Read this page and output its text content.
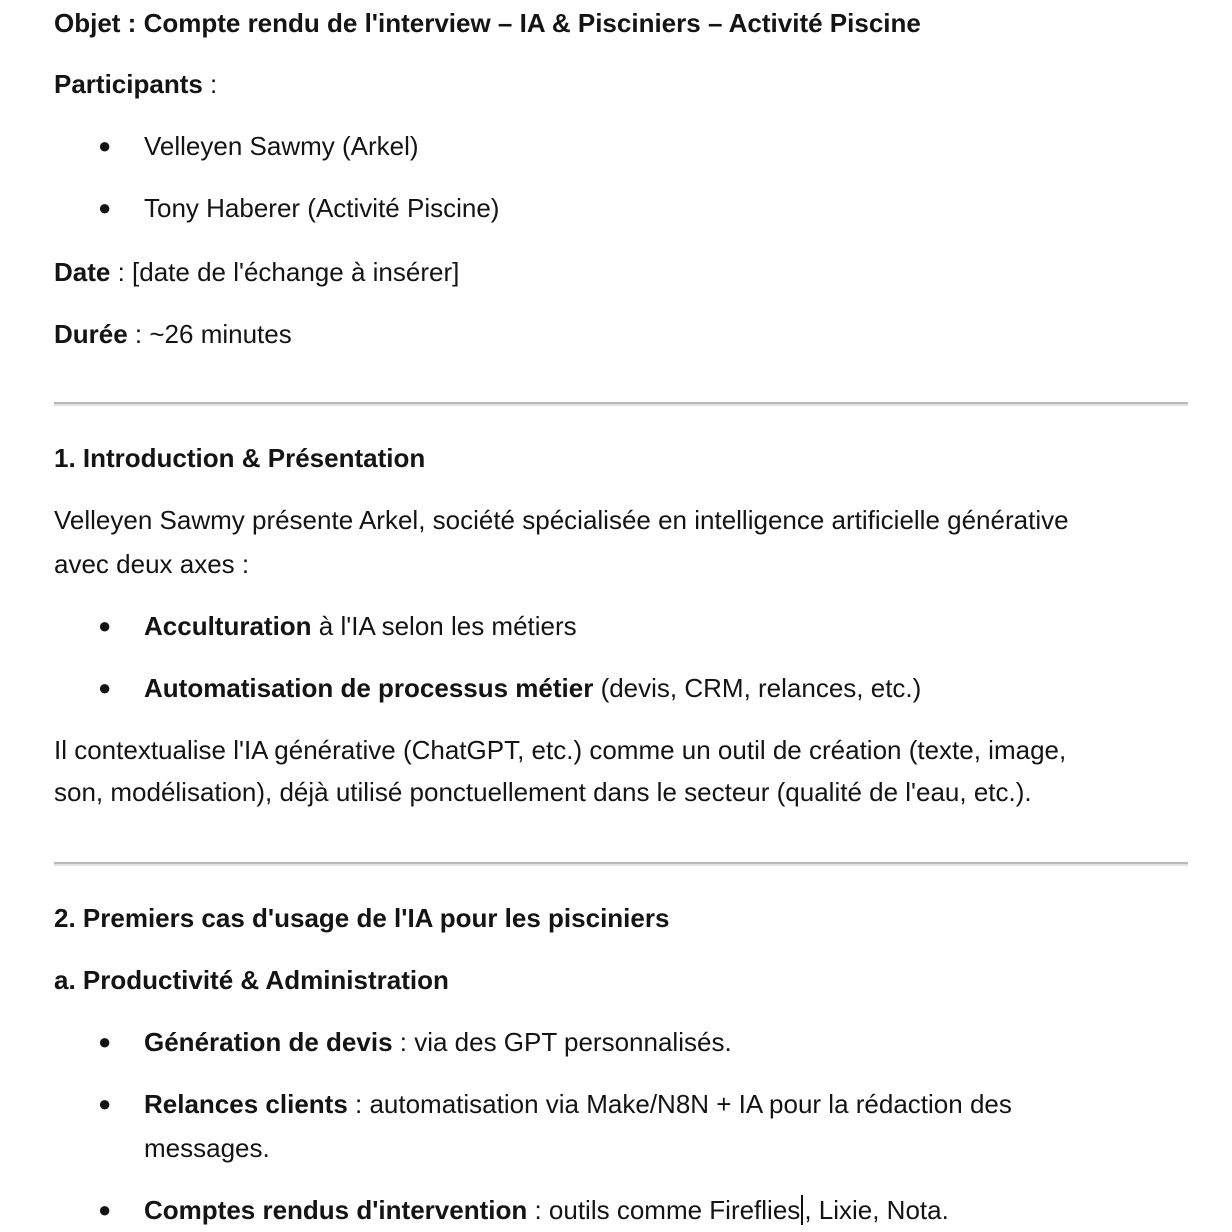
Objet : Compte rendu de l'interview – IA & Pisciniers – Activité Piscine
Participants :
● Velleyen Sawmy (Arkel)
● Tony Haberer (Activité Piscine)
Date : [date de l'échange à insérer]
Durée : ~26 minutes
1. Introduction & Présentation
Velleyen Sawmy présente Arkel, société spécialisée en intelligence artificielle générative
avec deux axes :
● Acculturation à l'IA selon les métiers
● Automatisation de processus métier (devis, CRM, relances, etc.)
Il contextualise l'IA générative (ChatGPT, etc.) comme un outil de création (texte, image,
son, modélisation), déjà utilisé ponctuellement dans le secteur (qualité de l'eau, etc.).
2. Premiers cas d'usage de l'IA pour les pisciniers
a. Productivité & Administration
● Génération de devis : via des GPT personnalisés.
● Relances clients : automatisation via Make/N8N + IA pour la rédaction des
messages.
● Comptes rendus d'intervention : outils comme Fireflies , Lixie, Nota.
